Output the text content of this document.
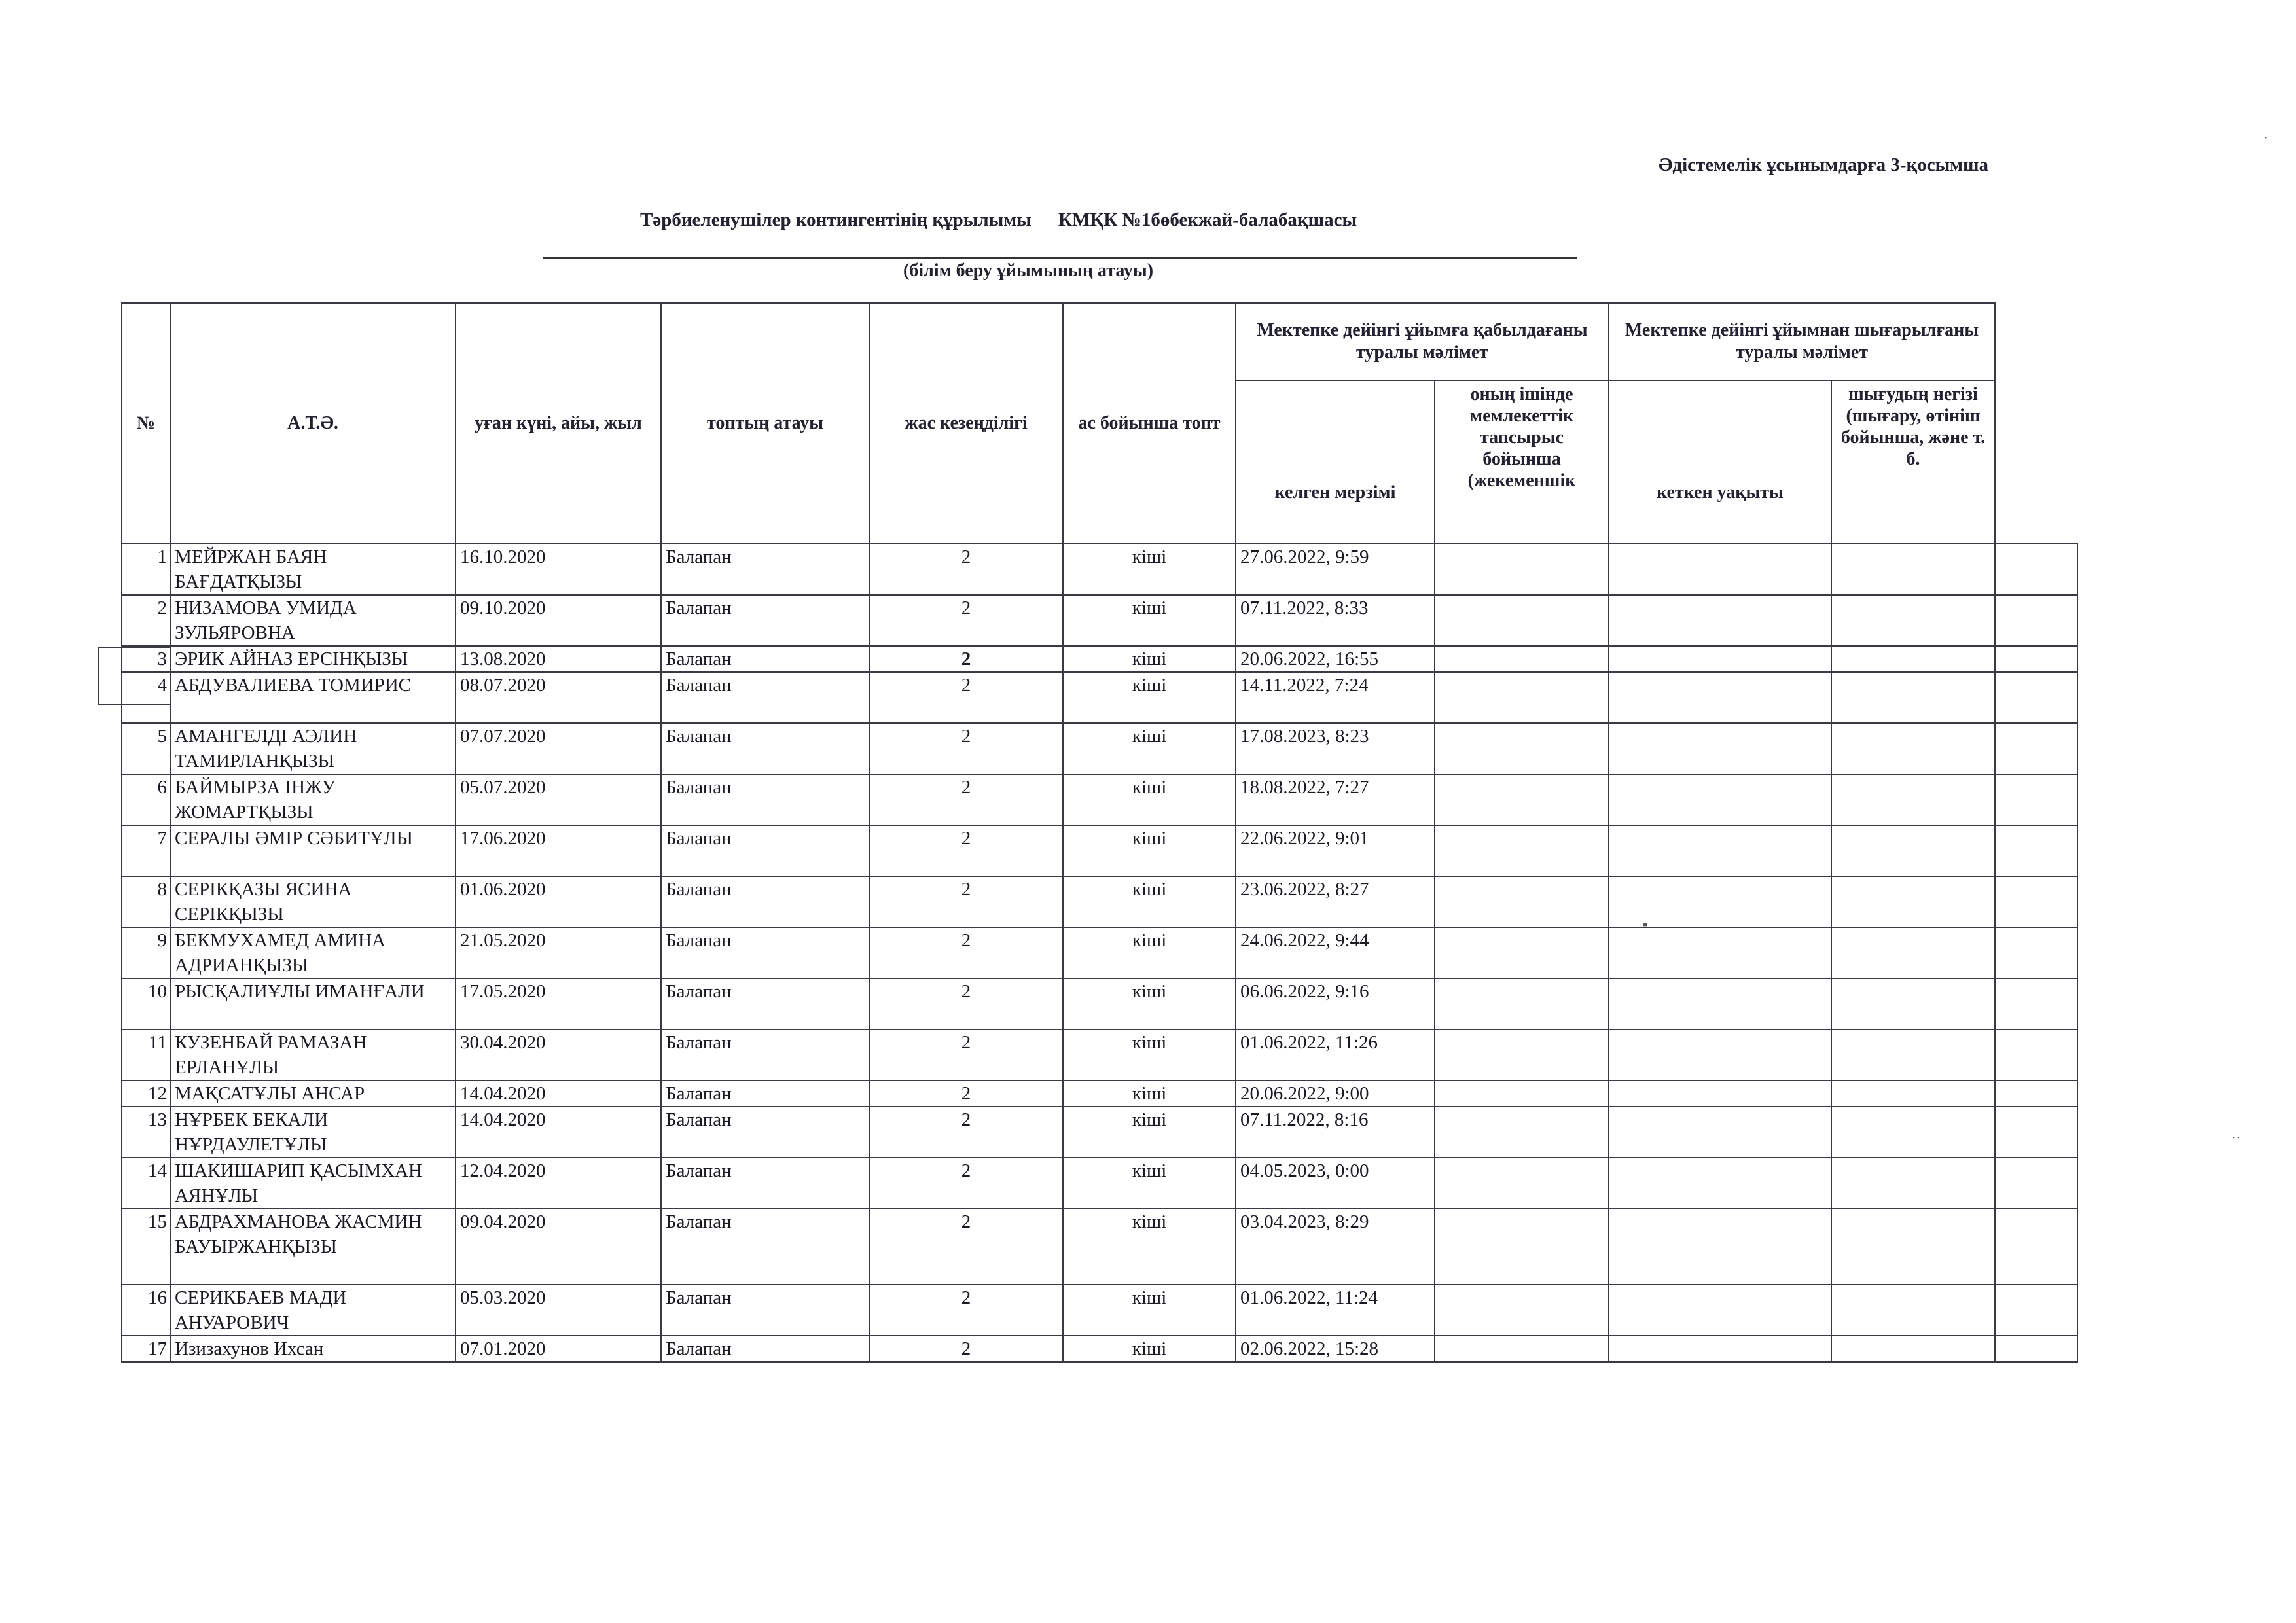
Әдістемелік ұсынымдарға 3-қосымша
Тәрбиеленушілер контингентінің құрылымы КМҚК №1бөбекжай-балабақшасы
(білім беру ұйымының атауы)
№	А.Т.Ә.	уған күні, айы, жыл	топтың атауы	жас кезеңділігі	ас бойынша топт	Мектепке дейінгі ұйымға қабылдағаны туралы мәлімет		Мектепке дейінгі ұйымнан шығарылғаны туралы мәлімет		
						келген мерзімі	оның ішінде мемлекеттік тапсырыс бойынша (жекеменшік	кеткен уақыты	шығудың негізі (шығару, өтініш бойынша, және т. б.	
1	МЕЙРЖАН БАЯН БАҒДАТҚЫЗЫ	16.10.2020	Балапан	2	кіші	27.06.2022, 9:59				
2	НИЗАМОВА УМИДА ЗУЛЬЯРОВНА	09.10.2020	Балапан	2	кіші	07.11.2022, 8:33				
3	ЭРИК АЙНАЗ ЕРСІНҚЫЗЫ	13.08.2020	Балапан	2	кіші	20.06.2022, 16:55				
4	АБДУВАЛИЕВА ТОМИРИС	08.07.2020	Балапан	2	кіші	14.11.2022, 7:24				
5	АМАНГЕЛДІ АЭЛИН ТАМИРЛАНҚЫЗЫ	07.07.2020	Балапан	2	кіші	17.08.2023, 8:23				
6	БАЙМЫРЗА ІНЖУ ЖОМАРТҚЫЗЫ	05.07.2020	Балапан	2	кіші	18.08.2022, 7:27				
7	СЕРАЛЫ ӘМІР СӘБИТҰЛЫ	17.06.2020	Балапан	2	кіші	22.06.2022, 9:01				
8	СЕРІКҚАЗЫ ЯСИНА СЕРІКҚЫЗЫ	01.06.2020	Балапан	2	кіші	23.06.2022, 8:27				
9	БЕКМУХАМЕД АМИНА АДРИАНҚЫЗЫ	21.05.2020	Балапан	2	кіші	24.06.2022, 9:44				
10	РЫСҚАЛИҰЛЫ ИМАНҒАЛИ	17.05.2020	Балапан	2	кіші	06.06.2022, 9:16				
11	КУЗЕНБАЙ РАМАЗАН ЕРЛАНҰЛЫ	30.04.2020	Балапан	2	кіші	01.06.2022, 11:26				
12	МАҚСАТҰЛЫ АНСАР	14.04.2020	Балапан	2	кіші	20.06.2022, 9:00				
13	НҰРБЕК БЕКАЛИ НҰРДАУЛЕТҰЛЫ	14.04.2020	Балапан	2	кіші	07.11.2022, 8:16				
14	ШАКИШАРИП ҚАСЫМХАН АЯНҰЛЫ	12.04.2020	Балапан	2	кіші	04.05.2023, 0:00				
15	АБДРАХМАНОВА ЖАСМИН БАУЫРЖАНҚЫЗЫ	09.04.2020	Балапан	2	кіші	03.04.2023, 8:29				
16	СЕРИКБАЕВ МАДИ АНУАРОВИЧ	05.03.2020	Балапан	2	кіші	01.06.2022, 11:24				
17	Изизахунов Ихсан	07.01.2020	Балапан	2	кіші	02.06.2022, 15:28				
·
▪
··
